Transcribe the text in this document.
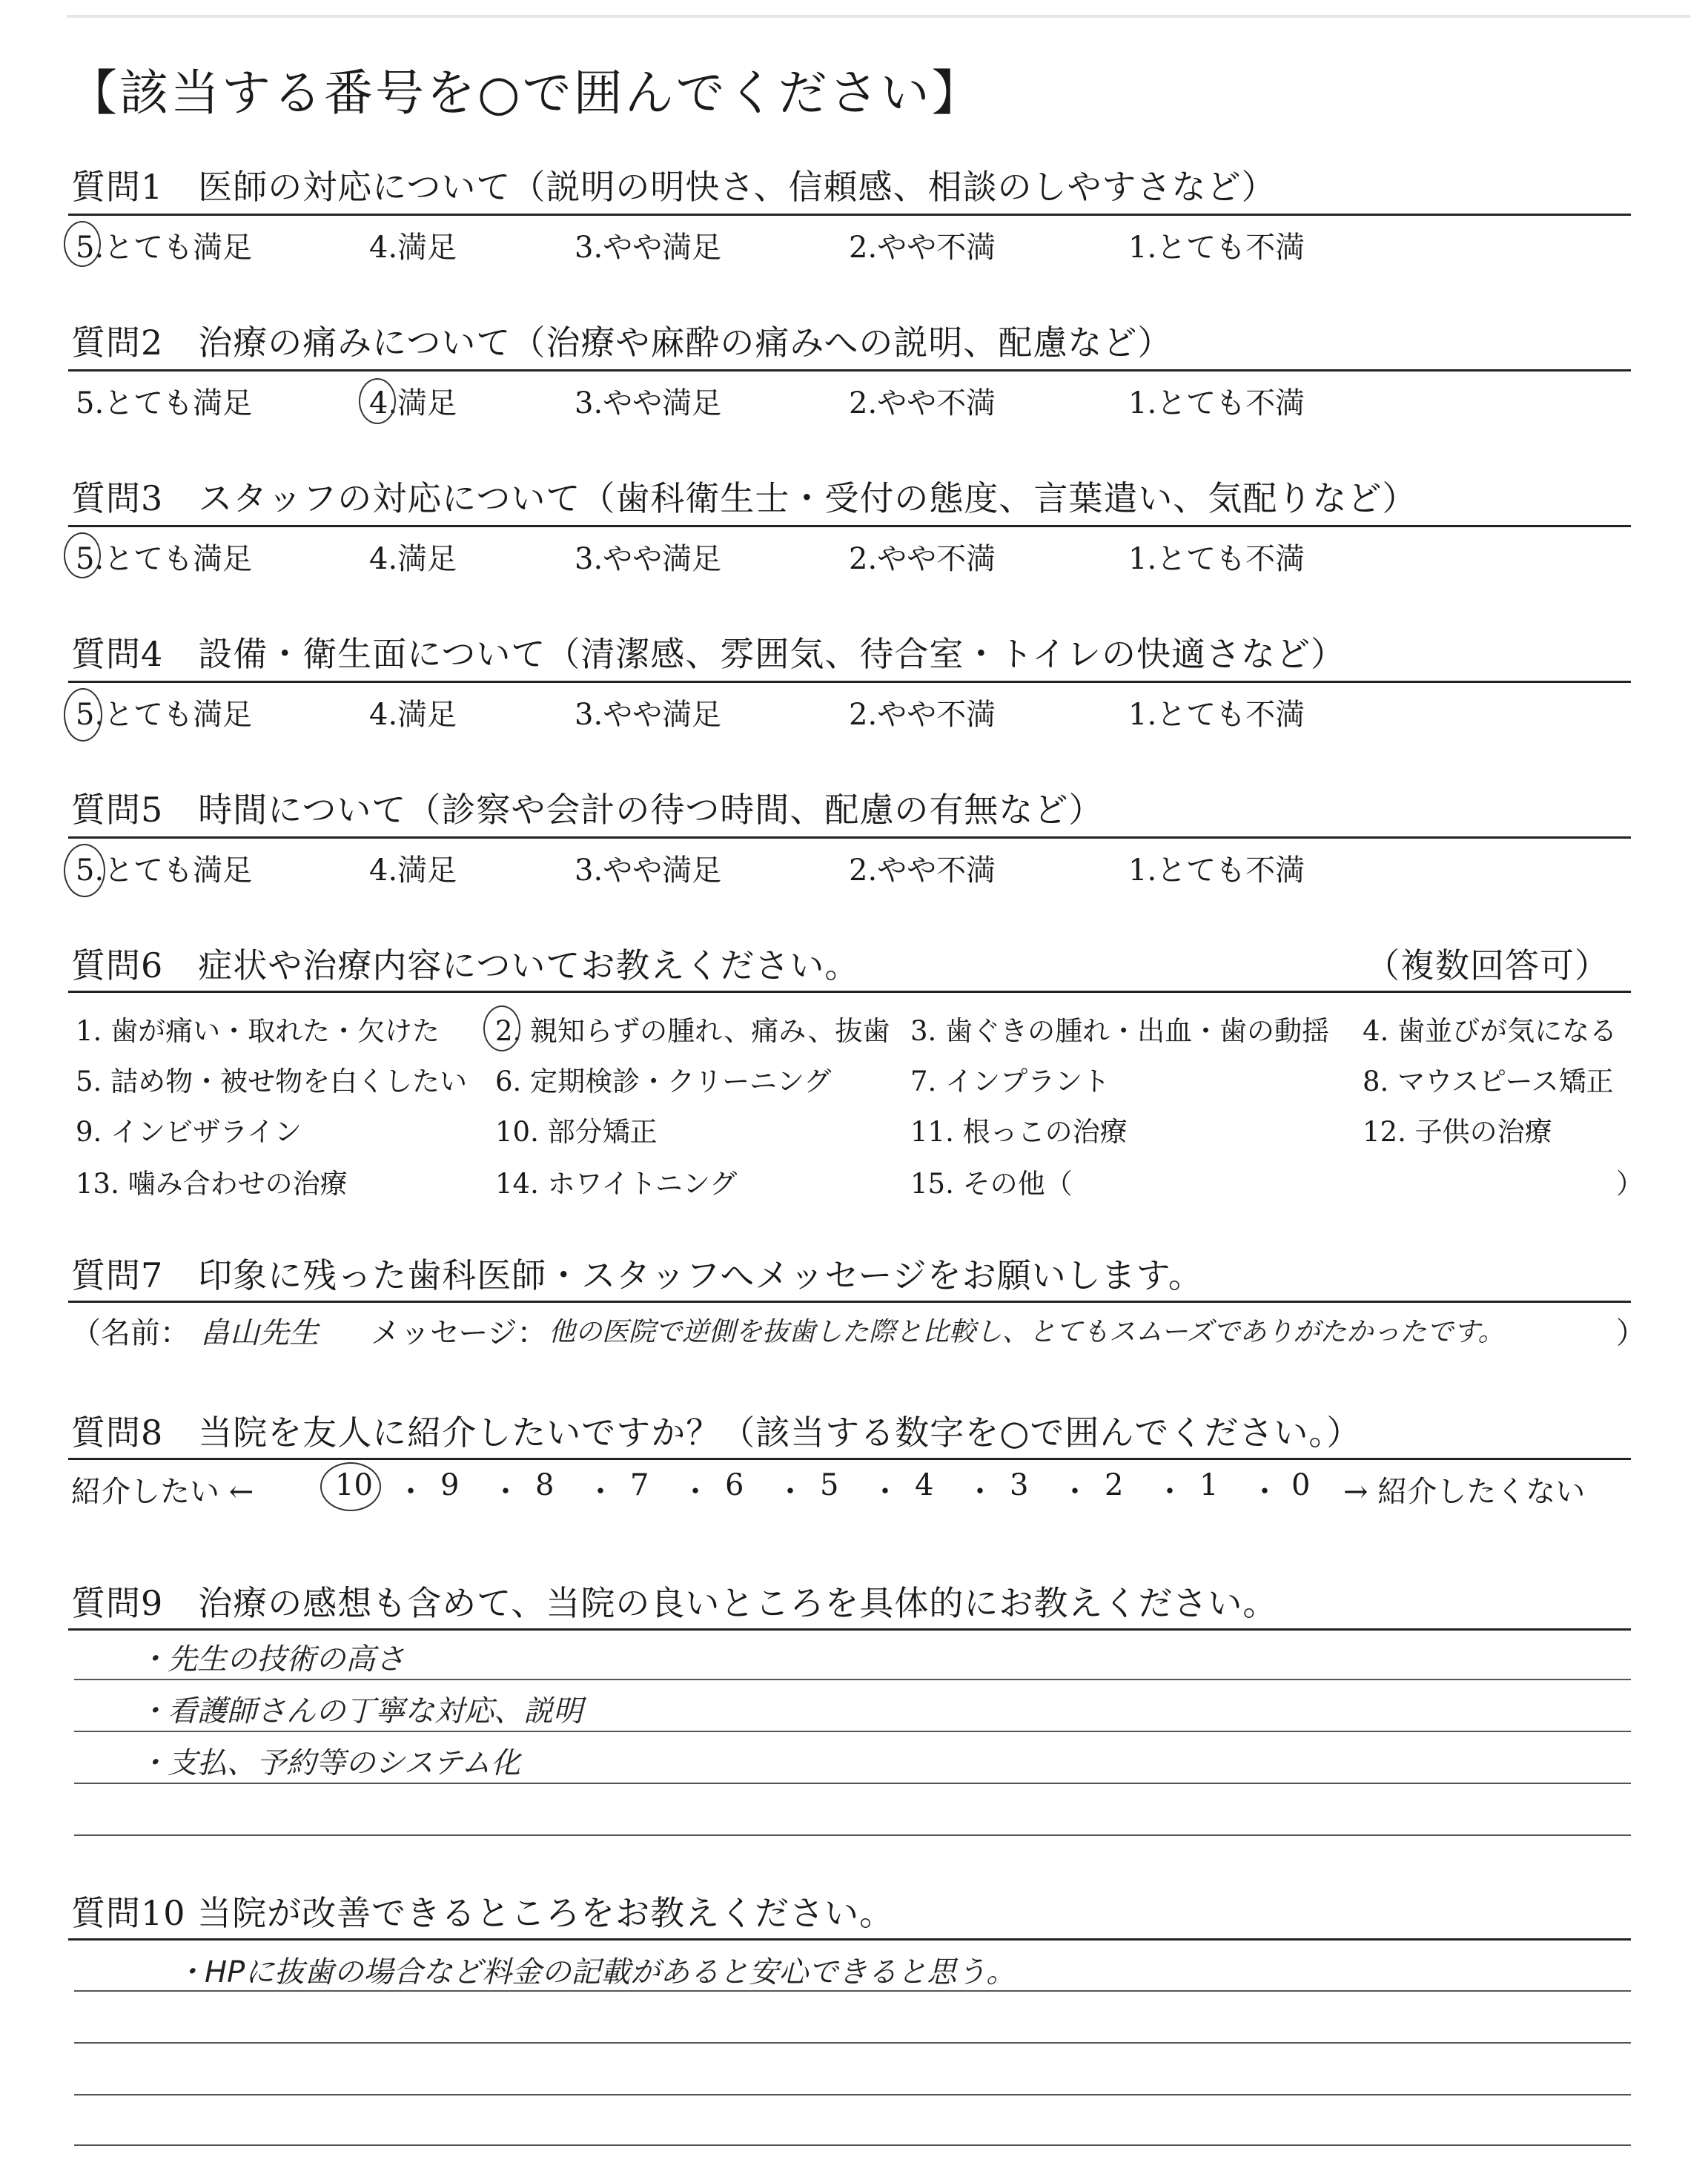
【該当する番号を○で囲んでください】
質問1　医師の対応について（説明の明快さ、信頼感、相談のしやすさなど）
5.とても満足	4.満足	3.やや満足	2.やや不満	1.とても不満
質問2　治療の痛みについて（治療や麻酔の痛みへの説明、配慮など）
5.とても満足	4.満足	3.やや満足	2.やや不満	1.とても不満
質問3　スタッフの対応について（歯科衛生士・受付の態度、言葉遣い、気配りなど）
5.とても満足	4.満足	3.やや満足	2.やや不満	1.とても不満
質問4　設備・衛生面について（清潔感、雰囲気、待合室・トイレの快適さなど）
5.とても満足	4.満足	3.やや満足	2.やや不満	1.とても不満
質問5　時間について（診察や会計の待つ時間、配慮の有無など）
5.とても満足	4.満足	3.やや満足	2.やや不満	1.とても不満
質問6　症状や治療内容についてお教えください。	（複数回答可）
1. 歯が痛い・取れた・欠けた 2. 親知らずの腫れ、痛み、抜歯 3. 歯ぐきの腫れ・出血・歯の動揺 4. 歯並びが気になる
5. 詰め物・被せ物を白くしたい 6. 定期検診・クリーニング	7. インプラント	8. マウスピース矯正
9. インビザライン	10. 部分矯正	11. 根っこの治療	12. 子供の治療
13. 噛み合わせの治療	14. ホワイトニング	15. その他（	）
質問7　印象に残った歯科医師・スタッフへメッセージをお願いします。
（名前： 畠山先生 メッセージ： 他の医院で逆側を抜歯した際と比較し、とてもスムーズでありがたかったです。	）
質問8　当院を友人に紹介したいですか？（該当する数字を○で囲んでください。）
紹介したい ←	10 ・ 9 ・ 8 ・ 7 ・ 6 ・ 5 ・ 4 ・ 3 ・ 2 ・ 1 ・ 0 → 紹介したくない
質問9　治療の感想も含めて、当院の良いところを具体的にお教えください。
・先生の技術の高さ
・看護師さんの丁寧な対応、説明
・支払、予約等のシステム化
質問10 当院が改善できるところをお教えください。
・HPに抜歯の場合など料金の記載があると安心できると思う。
